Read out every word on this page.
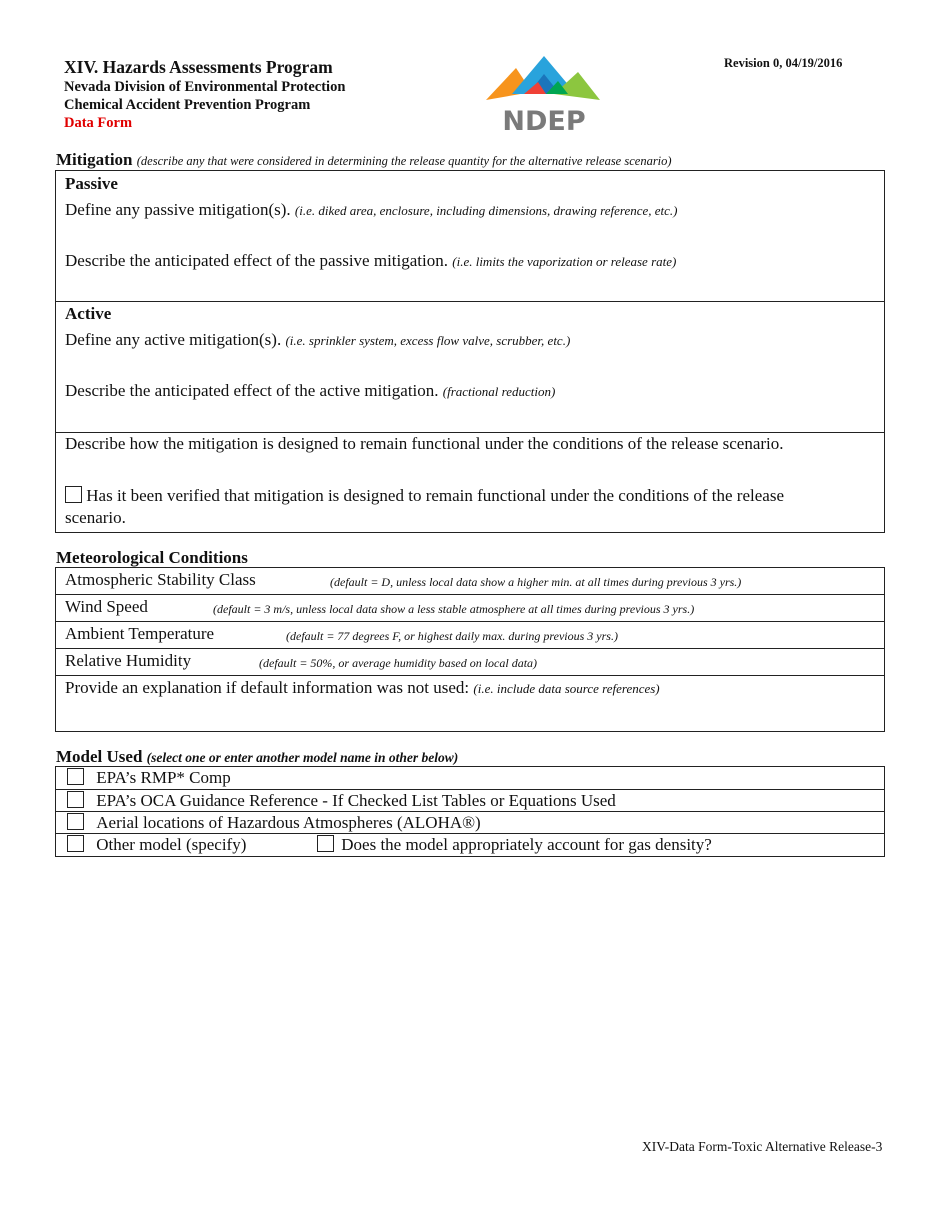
XIV. Hazards Assessments Program
Nevada Division of Environmental Protection
Chemical Accident Prevention Program
Data Form
Revision 0, 04/19/2016
NDEP
Mitigation (describe any that were considered in determining the release quantity for the alternative release scenario)
Passive
Define any passive mitigation(s). (i.e. diked area, enclosure, including dimensions, drawing reference, etc.)
Describe the anticipated effect of the passive mitigation. (i.e. limits the vaporization or release rate)
Active
Define any active mitigation(s). (i.e. sprinkler system, excess flow valve, scrubber, etc.)
Describe the anticipated effect of the active mitigation. (fractional reduction)
Describe how the mitigation is designed to remain functional under the conditions of the release scenario.
Has it been verified that mitigation is designed to remain functional under the conditions of the release
scenario.
Meteorological Conditions
Atmospheric Stability Class	(default = D, unless local data show a higher min. at all times during previous 3 yrs.)
Wind Speed	(default = 3 m/s, unless local data show a less stable atmosphere at all times during previous 3 yrs.)
Ambient Temperature	(default = 77 degrees F, or highest daily max. during previous 3 yrs.)
Relative Humidity	(default = 50%, or average humidity based on local data)
Provide an explanation if default information was not used: (i.e. include data source references)
Model Used (select one or enter another model name in other below)
EPA’s RMP* Comp
EPA’s OCA Guidance Reference - If Checked List Tables or Equations Used
Aerial locations of Hazardous Atmospheres (ALOHA®)
Other model (specify)	Does the model appropriately account for gas density?
XIV-Data Form-Toxic Alternative Release-3
